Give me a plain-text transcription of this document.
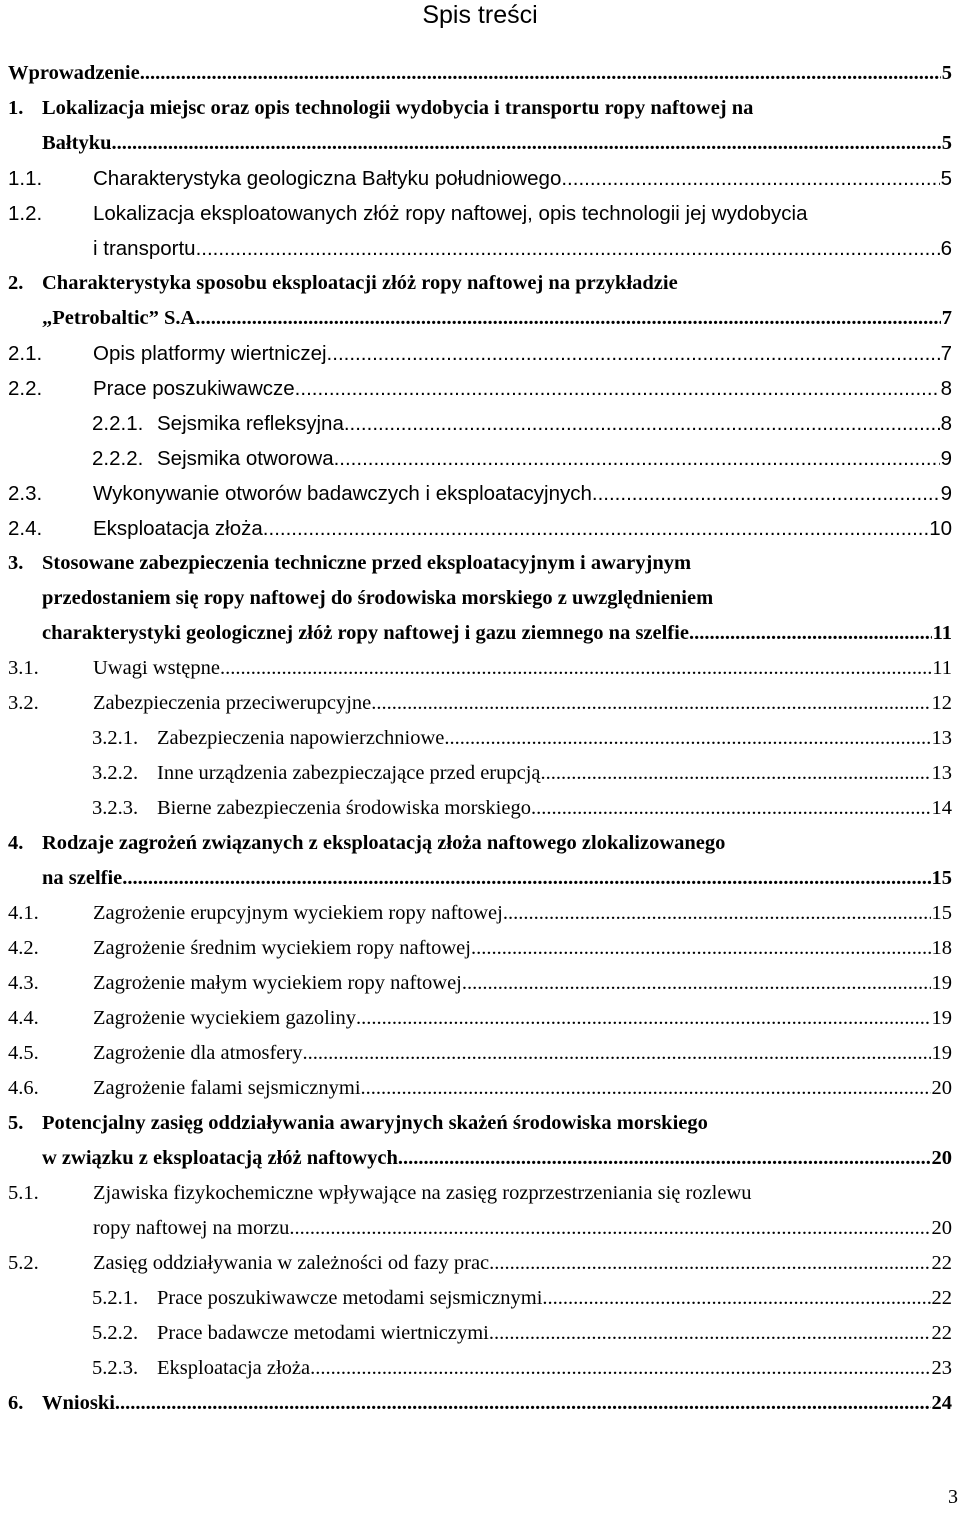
Spis treści
Wprowadzenie .....	5
1. Lokalizacja miejsc oraz opis technologii wydobycia i transportu ropy naftowej na
Bałtyku .....	5
1.1. Charakterystyka geologiczna Bałtyku południowego .....	5
1.2. Lokalizacja eksploatowanych złóż ropy naftowej, opis technologii jej wydobycia
i transportu .....	6
2. Charakterystyka sposobu eksploatacji złóż ropy naftowej na przykładzie
„Petrobaltic” S.A. .....	7
2.1. Opis platformy wiertniczej .....	7
2.2. Prace poszukiwawcze .....	8
2.2.1. Sejsmika refleksyjna .....	8
2.2.2. Sejsmika otworowa .....	9
2.3. Wykonywanie otworów badawczych i eksploatacyjnych .....	9
2.4. Eksploatacja złoża .....	10
3. Stosowane zabezpieczenia techniczne przed eksploatacyjnym i awaryjnym
przedostaniem się ropy naftowej do środowiska morskiego z uwzględnieniem
charakterystyki geologicznej złóż ropy naftowej i gazu ziemnego na szelfie .....	11
3.1.	Uwagi wstępne .....	11
3.2.	Zabezpieczenia przeciwerupcyjne .....	12
3.2.1. Zabezpieczenia napowierzchniowe .....	13
3.2.2. Inne urządzenia zabezpieczające przed erupcją .....	13
3.2.3. Bierne zabezpieczenia środowiska morskiego .....	14
4. Rodzaje zagrożeń związanych z eksploatacją złoża naftowego zlokalizowanego
na szelfie .....	15
4.1.	Zagrożenie erupcyjnym wyciekiem ropy naftowej .....	15
4.2.	Zagrożenie średnim wyciekiem ropy naftowej .....	18
4.3.	Zagrożenie małym wyciekiem ropy naftowej .....	19
4.4.	Zagrożenie wyciekiem gazoliny .....	19
4.5.	Zagrożenie dla atmosfery .....	19
4.6.	Zagrożenie falami sejsmicznymi .....	20
5. Potencjalny zasięg oddziaływania awaryjnych skażeń środowiska morskiego
w związku z eksploatacją złóż naftowych .....	20
5.1.	Zjawiska fizykochemiczne wpływające na zasięg rozprzestrzeniania się rozlewu
ropy naftowej na morzu .....	20
5.2.	Zasięg oddziaływania w zależności od fazy prac .....	22
5.2.1. Prace poszukiwawcze metodami sejsmicznymi .....	22
5.2.2. Prace badawcze metodami wiertniczymi .....	22
5.2.3. Eksploatacja złoża .....	23
6. Wnioski .....	24
3
